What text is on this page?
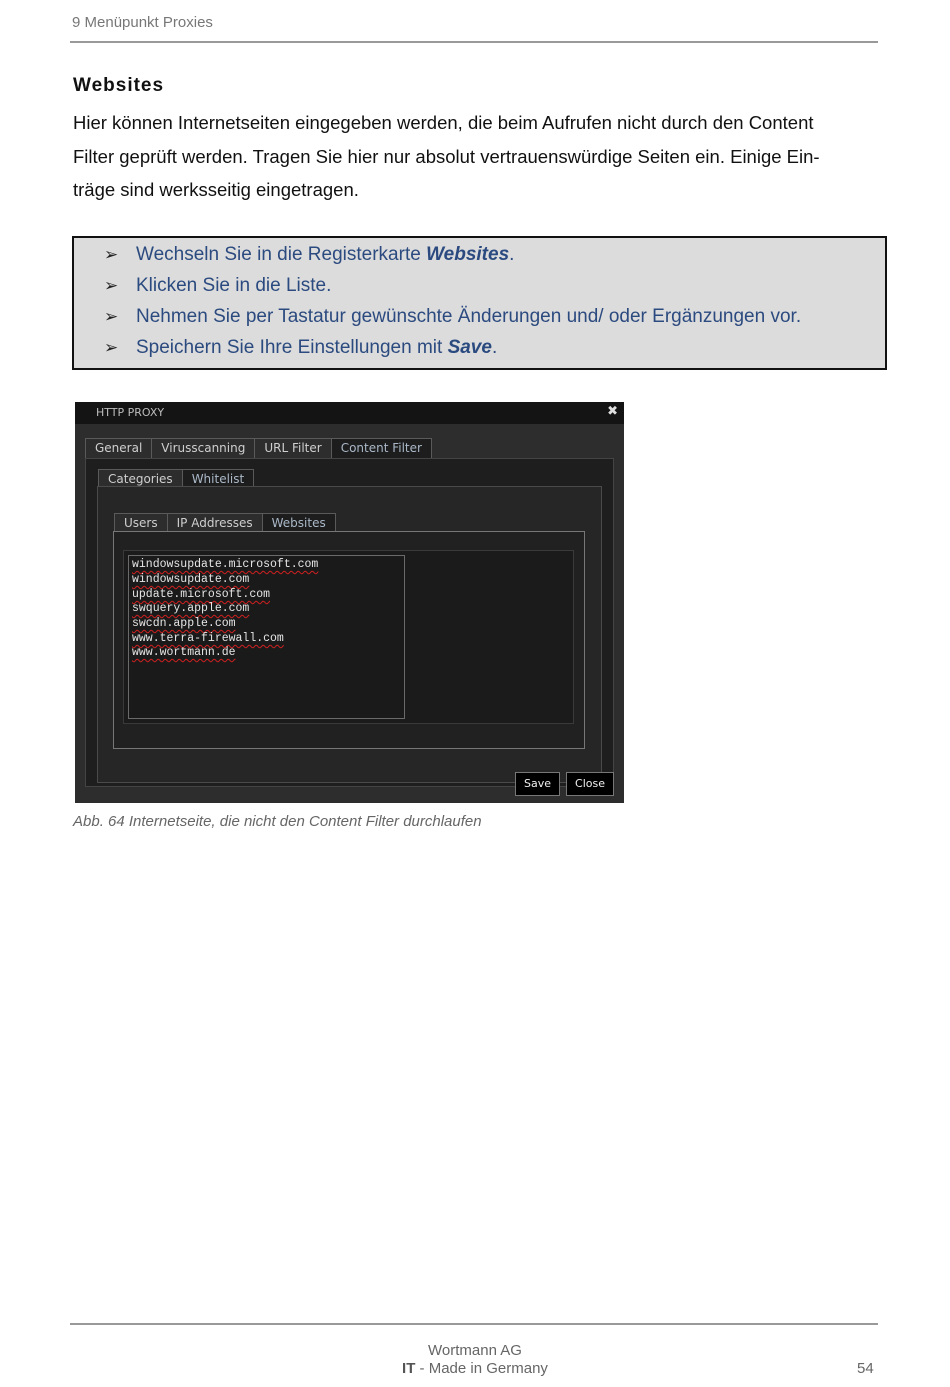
9 Menüpunkt Proxies
Websites

Hier können Internetseiten eingegeben werden, die beim Aufrufen nicht durch den Content
Filter geprüft werden. Tragen Sie hier nur absolut vertrauenswürdige Seiten ein. Einige Ein-
träge sind werksseitig eingetragen.

➢ Wechseln Sie in die Registerkarte Websites.
➢ Klicken Sie in die Liste.
➢ Nehmen Sie per Tastatur gewünschte Änderungen und/ oder Ergänzungen vor.
➢ Speichern Sie Ihre Einstellungen mit Save.
HTTP PROXY	✖
General	Virusscanning	URL Filter	Content Filter
Categories	Whitelist
Users	IP Addresses	Websites
windowsupdate.microsoft.com
windowsupdate.com
update.microsoft.com
swquery.apple.com
swcdn.apple.com
www.terra-firewall.com
www.wortmann.de
Save	Close
Abb. 64 Internetseite, die nicht den Content Filter durchlaufen
Wortmann AG
IT - Made in Germany	54
